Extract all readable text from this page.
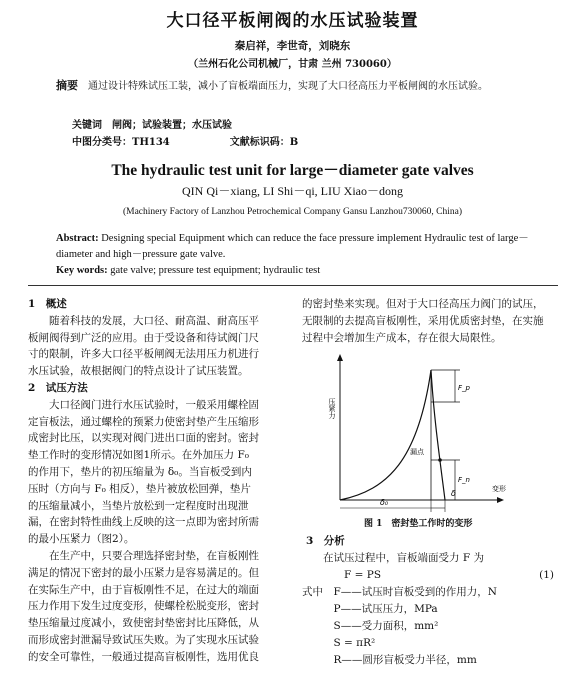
大口径平板闸阀的水压试验装置
秦启祥，李世奇，刘晓东
（兰州石化公司机械厂，甘肃 兰州 730060）
摘要 通过设计特殊试压工装，减小了盲板端面压力，实现了大口径高压力平板闸阀的水压试验。
关键词　闸阀；试验装置；水压试验
中图分类号：TH134	文献标识码：B
The hydraulic test unit for large－diameter gate valves
QIN Qi－xiang, LI Shi－qi, LIU Xiao－dong
(Machinery Factory of Lanzhou Petrochemical Company Gansu Lanzhou730060, China)
Abstract: Designing special Equipment which can reduce the face pressure implement Hydraulic test of large－diameter and high－pressure gate valve.
Key words: gate valve; pressure test equipment; hydraulic test
1　概述
　　随着科技的发展，大口径、耐高温、耐高压平
板闸阀得到广泛的应用。由于受设备和待试阀门尺
寸的限制，许多大口径平板闸阀无法用压力机进行
水压试验，故根据阀门的特点设计了试压装置。
2　试压方法
　　大口径阀门进行水压试验时，一般采用螺栓固
定盲板法，通过螺栓的预紧力使密封垫产生压缩形
成密封比压，以实现对阀门进出口面的密封。密封
垫工作时的变形情况如图1所示。在外加压力 F₀
的作用下，垫片的初压缩量为 δ₀。当盲板受到内
压时（方向与 F₀ 相反），垫片被放松回弹，垫片
的压缩量减小，当垫片放松到一定程度时出现泄
漏，在密封特性曲线上反映的这一点即为密封所需
的最小压紧力（图2）。
　　在生产中，只要合理选择密封垫，在盲板刚性
满足的情况下密封的最小压紧力是容易满足的。但
在实际生产中，由于盲板刚性不足，在过大的端面
压力作用下发生过度变形，使螺栓松脱变形，密封
垫压缩量过度减小，致使密封垫密封比压降低，从
而形成密封泄漏导致试压失败。为了实现水压试验
的安全可靠性，一般通过提高盲板刚性，选用优良
的密封垫来实现。但对于大口径高压力阀门的试压，
无限制的去提高盲板刚性，采用优质密封垫，在实施
过程中会增加生产成本，存在很大局限性。
压紧力
变形
F_p
漏点
F_n
δ
δ₀
图 1　密封垫工作时的变形
3　分析
　　在试压过程中，盲板端面受力 F 为
　　　　F = PS	(1)
式中　F——试压时盲板受到的作用力，N
　　　P——试压压力，MPa
　　　S——受力面积，mm²
　　　S = πR²
　　　R——圆形盲板受力半径，mm
